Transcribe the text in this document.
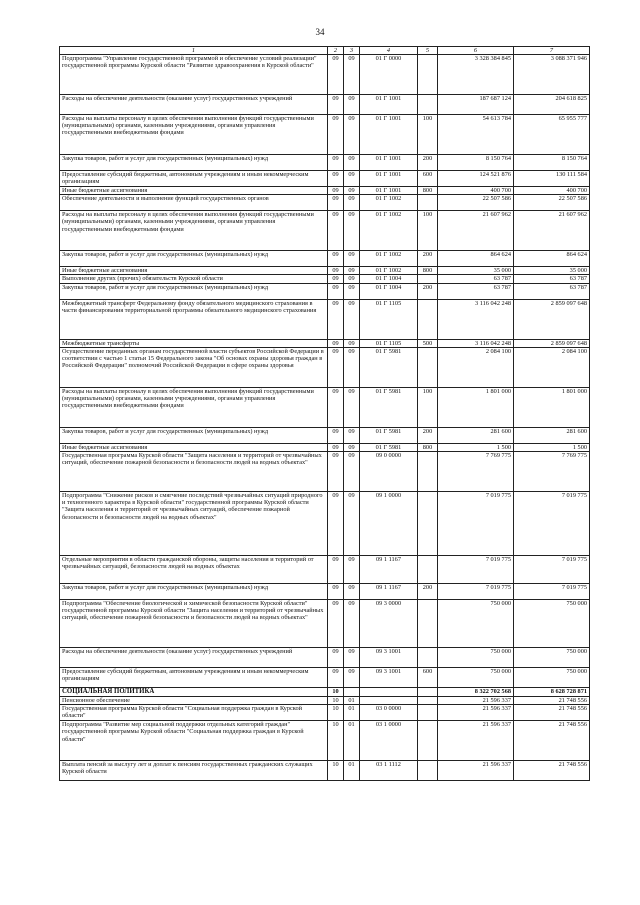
34
1	2	3	4	5	6	7
Подпрограмма "Управление государственной программой и обеспечение условий реализации" государственной программы Курской области "Развитие здравоохранения в Курской области"	09	09	01 Г 0000		3 328 384 845	3 088 371 946
Расходы на обеспечение деятельности (оказание услуг) государственных учреждений	09	09	01 Г 1001		187 687 124	204 618 825
Расходы на выплаты персоналу в целях обеспечения выполнения функций государственными (муниципальными) органами, казенными учреждениями, органами управления государственными внебюджетными фондами	09	09	01 Г 1001	100	54 613 784	65 955 777
Закупка товаров, работ и услуг для государственных (муниципальных) нужд	09	09	01 Г 1001	200	8 150 764	8 150 764
Предоставление субсидий бюджетным, автономным учреждениям и иным некоммерческим организациям	09	09	01 Г 1001	600	124 521 876	130 111 584
Иные бюджетные ассигнования	09	09	01 Г 1001	800	400 700	400 700
Обеспечение деятельности и выполнение функций государственных органов	09	09	01 Г 1002		22 507 586	22 507 586
Расходы на выплаты персоналу в целях обеспечения выполнения функций государственными (муниципальными) органами, казенными учреждениями, органами управления государственными внебюджетными фондами	09	09	01 Г 1002	100	21 607 962	21 607 962
Закупка товаров, работ и услуг для государственных (муниципальных) нужд	09	09	01 Г 1002	200	864 624	864 624
Иные бюджетные ассигнования	09	09	01 Г 1002	800	35 000	35 000
Выполнение других (прочих) обязательств Курской области	09	09	01 Г 1004		63 787	63 787
Закупка товаров, работ и услуг для государственных (муниципальных) нужд	09	09	01 Г 1004	200	63 787	63 787
Межбюджетный трансферт Федеральному фонду обязательного медицинского страхования в части финансирования территориальной программы обязательного медицинского страхования	09	09	01 Г 1105		3 116 042 248	2 859 097 648
Межбюджетные трансферты	09	09	01 Г 1105	500	3 116 042 248	2 859 097 648
Осуществление переданных органам государственной власти субъектов Российской Федерации в соответствии с частью 1 статьи 15 Федерального закона "Об основах охраны здоровья граждан в Российской Федерации" полномочий Российской Федерации в сфере охраны здоровья	09	09	01 Г 5981		2 084 100	2 084 100
Расходы на выплаты персоналу в целях обеспечения выполнения функций государственными (муниципальными) органами, казенными учреждениями, органами управления государственными внебюджетными фондами	09	09	01 Г 5981	100	1 801 000	1 801 000
Закупка товаров, работ и услуг для государственных (муниципальных) нужд	09	09	01 Г 5981	200	281 600	281 600
Иные бюджетные ассигнования	09	09	01 Г 5981	800	1 500	1 500
Государственная программа Курской области "Защита населения и территорий от чрезвычайных ситуаций, обеспечение пожарной безопасности и безопасности людей на водных объектах"	09	09	09 0 0000		7 769 775	7 769 775
Подпрограмма "Снижение рисков и смягчение последствий чрезвычайных ситуаций природного и техногенного характера в Курской области" государственной программы Курской области "Защита населения и территорий от чрезвычайных ситуаций, обеспечение пожарной безопасности и безопасности людей на водных объектах"	09	09	09 1 0000		7 019 775	7 019 775
Отдельные мероприятия в области гражданской обороны, защиты населения и территорий от чрезвычайных ситуаций, безопасности людей на водных объектах	09	09	09 1 1167		7 019 775	7 019 775
Закупка товаров, работ и услуг для государственных (муниципальных) нужд	09	09	09 1 1167	200	7 019 775	7 019 775
Подпрограмма "Обеспечение биологической и химической безопасности Курской области" государственной программы Курской области "Защита населения и территорий от чрезвычайных ситуаций, обеспечение пожарной безопасности и безопасности людей на водных объектах"	09	09	09 3 0000		750 000	750 000
Расходы на обеспечение деятельности (оказание услуг) государственных учреждений	09	09	09 3 1001		750 000	750 000
Предоставление субсидий бюджетным, автономным учреждениям и иным некоммерческим организациям	09	09	09 3 1001	600	750 000	750 000
СОЦИАЛЬНАЯ ПОЛИТИКА	10				8 322 702 568	8 628 728 871
Пенсионное обеспечение	10	01			21 596 337	21 748 556
Государственная программа Курской области "Социальная поддержка граждан в Курской области"	10	01	03 0 0000		21 596 337	21 748 556
Подпрограмма "Развитие мер социальной поддержки отдельных категорий граждан" государственной программы Курской области "Социальная поддержка граждан в Курской области"	10	01	03 1 0000		21 596 337	21 748 556
Выплата пенсий за выслугу лет и доплат к пенсиям государственных гражданских служащих Курской области	10	01	03 1 1112		21 596 337	21 748 556
